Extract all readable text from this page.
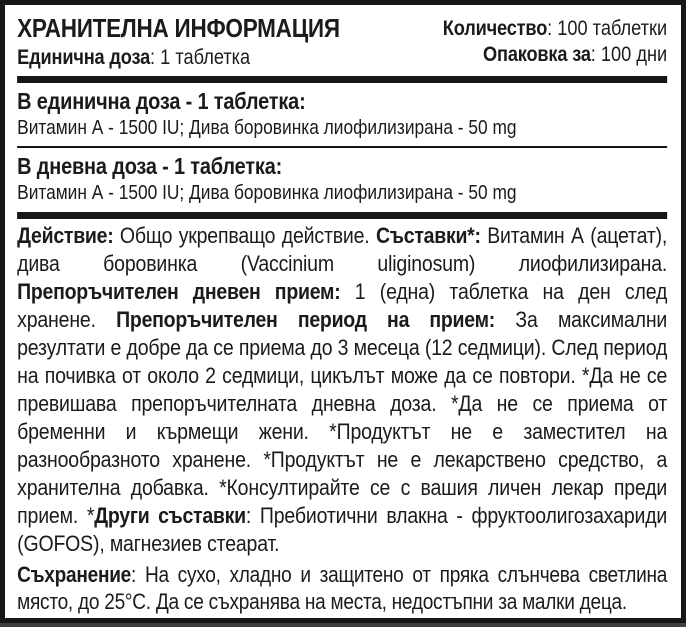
ХРАНИТЕЛНА ИНФОРМАЦИЯ
Единична доза: 1 таблетка
Количество: 100 таблетки
Опаковка за: 100 дни
В единична доза - 1 таблетка:
Витамин А - 1500 IU; Дива боровинка лиофилизирана - 50 mg
В дневна доза - 1 таблетка:
Витамин А - 1500 IU; Дива боровинка лиофилизирана - 50 mg

Действие: Общо укрепващо действие. Съставки*: Витамин А (ацетат), дива боровинка (Vaccinium uliginosum) лиофилизирана. Препоръчителен дневен прием: 1 (една) таблетка на ден след хранене. Препоръчителен период на прием: За максимални резултати е добре да се приема до 3 месеца (12 седмици). След период на почивка от около 2 седмици, цикълът може да се повтори. *Да не се превишава препоръчителната дневна доза. *Да не се приема от бременни и кърмещи жени. *Продуктът не е заместител на разнообразното хранене. *Продуктът не е лекарствено средство, а хранителна добавка. *Консултирайте се с вашия личен лекар преди прием. *Други съставки: Пребиотични влакна - фруктоолигозахариди (GOFOS), магнезиев стеарат.

Съхранение: На сухо, хладно и защитено от пряка слънчева светлина място, до 25°C. Да се съхранява на места, недостъпни за малки деца.
